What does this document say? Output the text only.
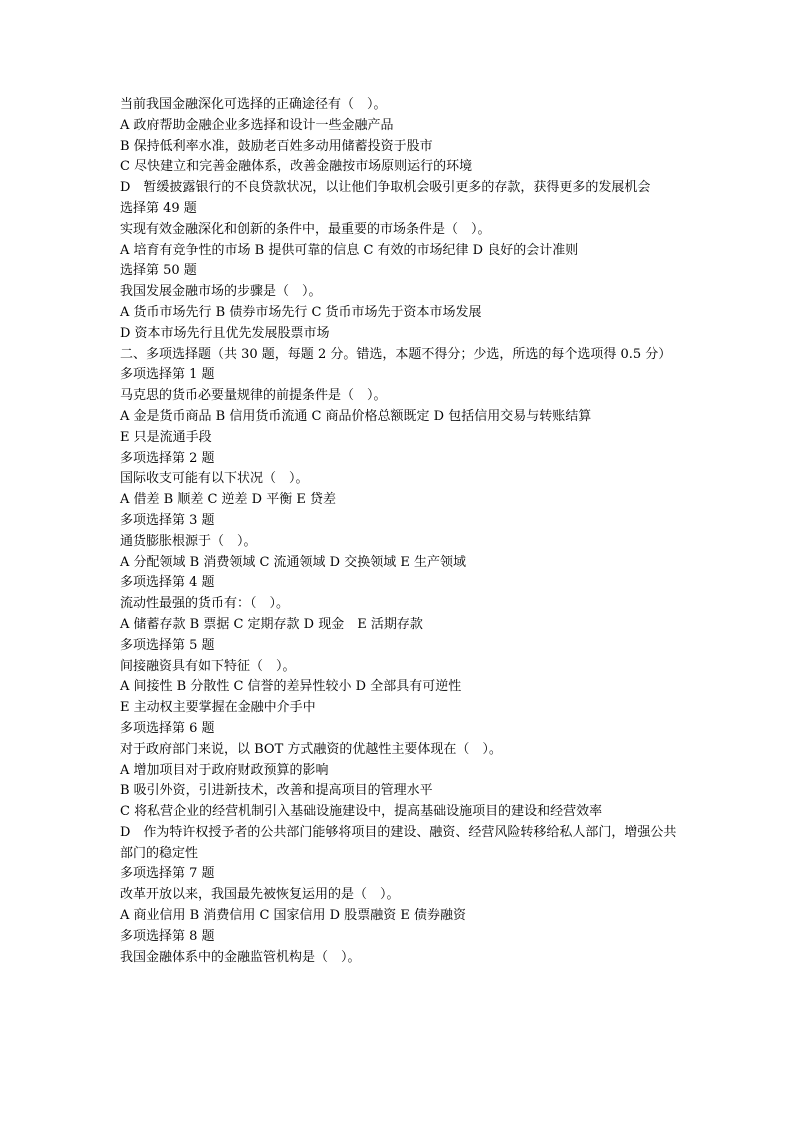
当前我国金融深化可选择的正确途径有（　）。

A 政府帮助金融企业多选择和设计一些金融产品

B 保持低利率水准，鼓励老百姓多动用储蓄投资于股市

C 尽快建立和完善金融体系，改善金融按市场原则运行的环境

D　暂缓披露银行的不良贷款状况，以让他们争取机会吸引更多的存款，获得更多的发展机会

选择第 49 题

实现有效金融深化和创新的条件中，最重要的市场条件是（　）。

A 培育有竞争性的市场 B 提供可靠的信息 C 有效的市场纪律 D 良好的会计准则

选择第 50 题

我国发展金融市场的步骤是（　）。

A 货币市场先行 B 债券市场先行 C 货币市场先于资本市场发展

D 资本市场先行且优先发展股票市场

二、多项选择题（共 30 题，每题 2 分。错选，本题不得分；少选，所选的每个选项得 0.5 分）

多项选择第 1 题

马克思的货币必要量规律的前提条件是（　）。

A 金是货币商品 B 信用货币流通 C 商品价格总额既定 D 包括信用交易与转账结算

E 只是流通手段

多项选择第 2 题

国际收支可能有以下状况（　）。

A 借差 B 顺差 C 逆差 D 平衡 E 贷差

多项选择第 3 题

通货膨胀根源于（　）。

A 分配领域 B 消费领域 C 流通领域 D 交换领域 E 生产领域

多项选择第 4 题

流动性最强的货币有：（　）。

A 储蓄存款 B 票据 C 定期存款 D 现金　E 活期存款

多项选择第 5 题

间接融资具有如下特征（　）。

A 间接性 B 分散性 C 信誉的差异性较小 D 全部具有可逆性

E 主动权主要掌握在金融中介手中

多项选择第 6 题

对于政府部门来说，以 BOT 方式融资的优越性主要体现在（　）。

A 增加项目对于政府财政预算的影响

B 吸引外资，引进新技术，改善和提高项目的管理水平

C 将私营企业的经营机制引入基础设施建设中，提高基础设施项目的建设和经营效率

D　作为特许权授予者的公共部门能够将项目的建设、融资、经营风险转移给私人部门，增强公共部门的稳定性

多项选择第 7 题

改革开放以来，我国最先被恢复运用的是（　）。

A 商业信用 B 消费信用 C 国家信用 D 股票融资 E 债券融资

多项选择第 8 题

我国金融体系中的金融监管机构是（　）。
